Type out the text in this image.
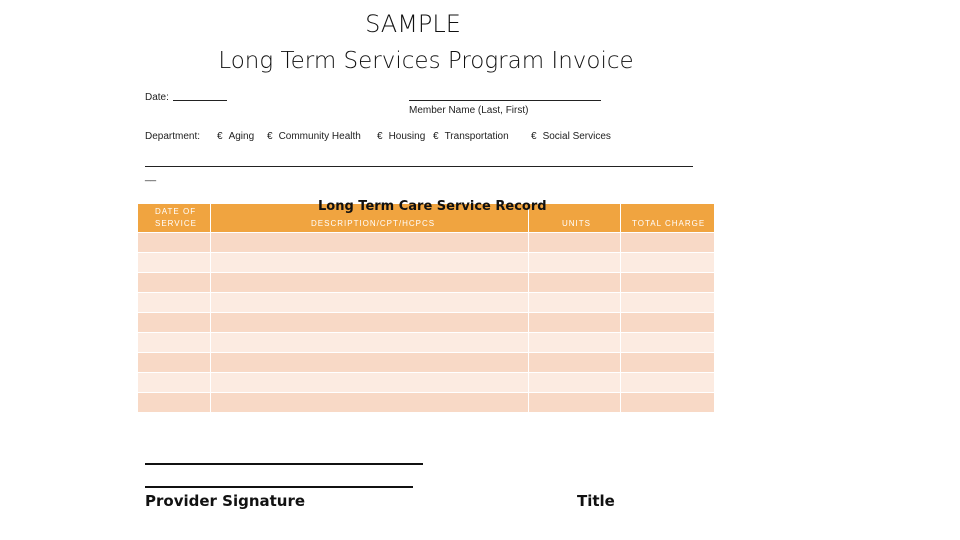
SAMPLE
Long Term Services Program Invoice
Date:
Member Name (Last, First)
Department: € Aging € Community Health € Housing € Transportation € Social Services
__
DATE OF
SERVICE	DESCRIPTION/CPT/HCPCS	UNITS	TOTAL CHARGE
Long Term Care Service Record
Provider Signature	Title
